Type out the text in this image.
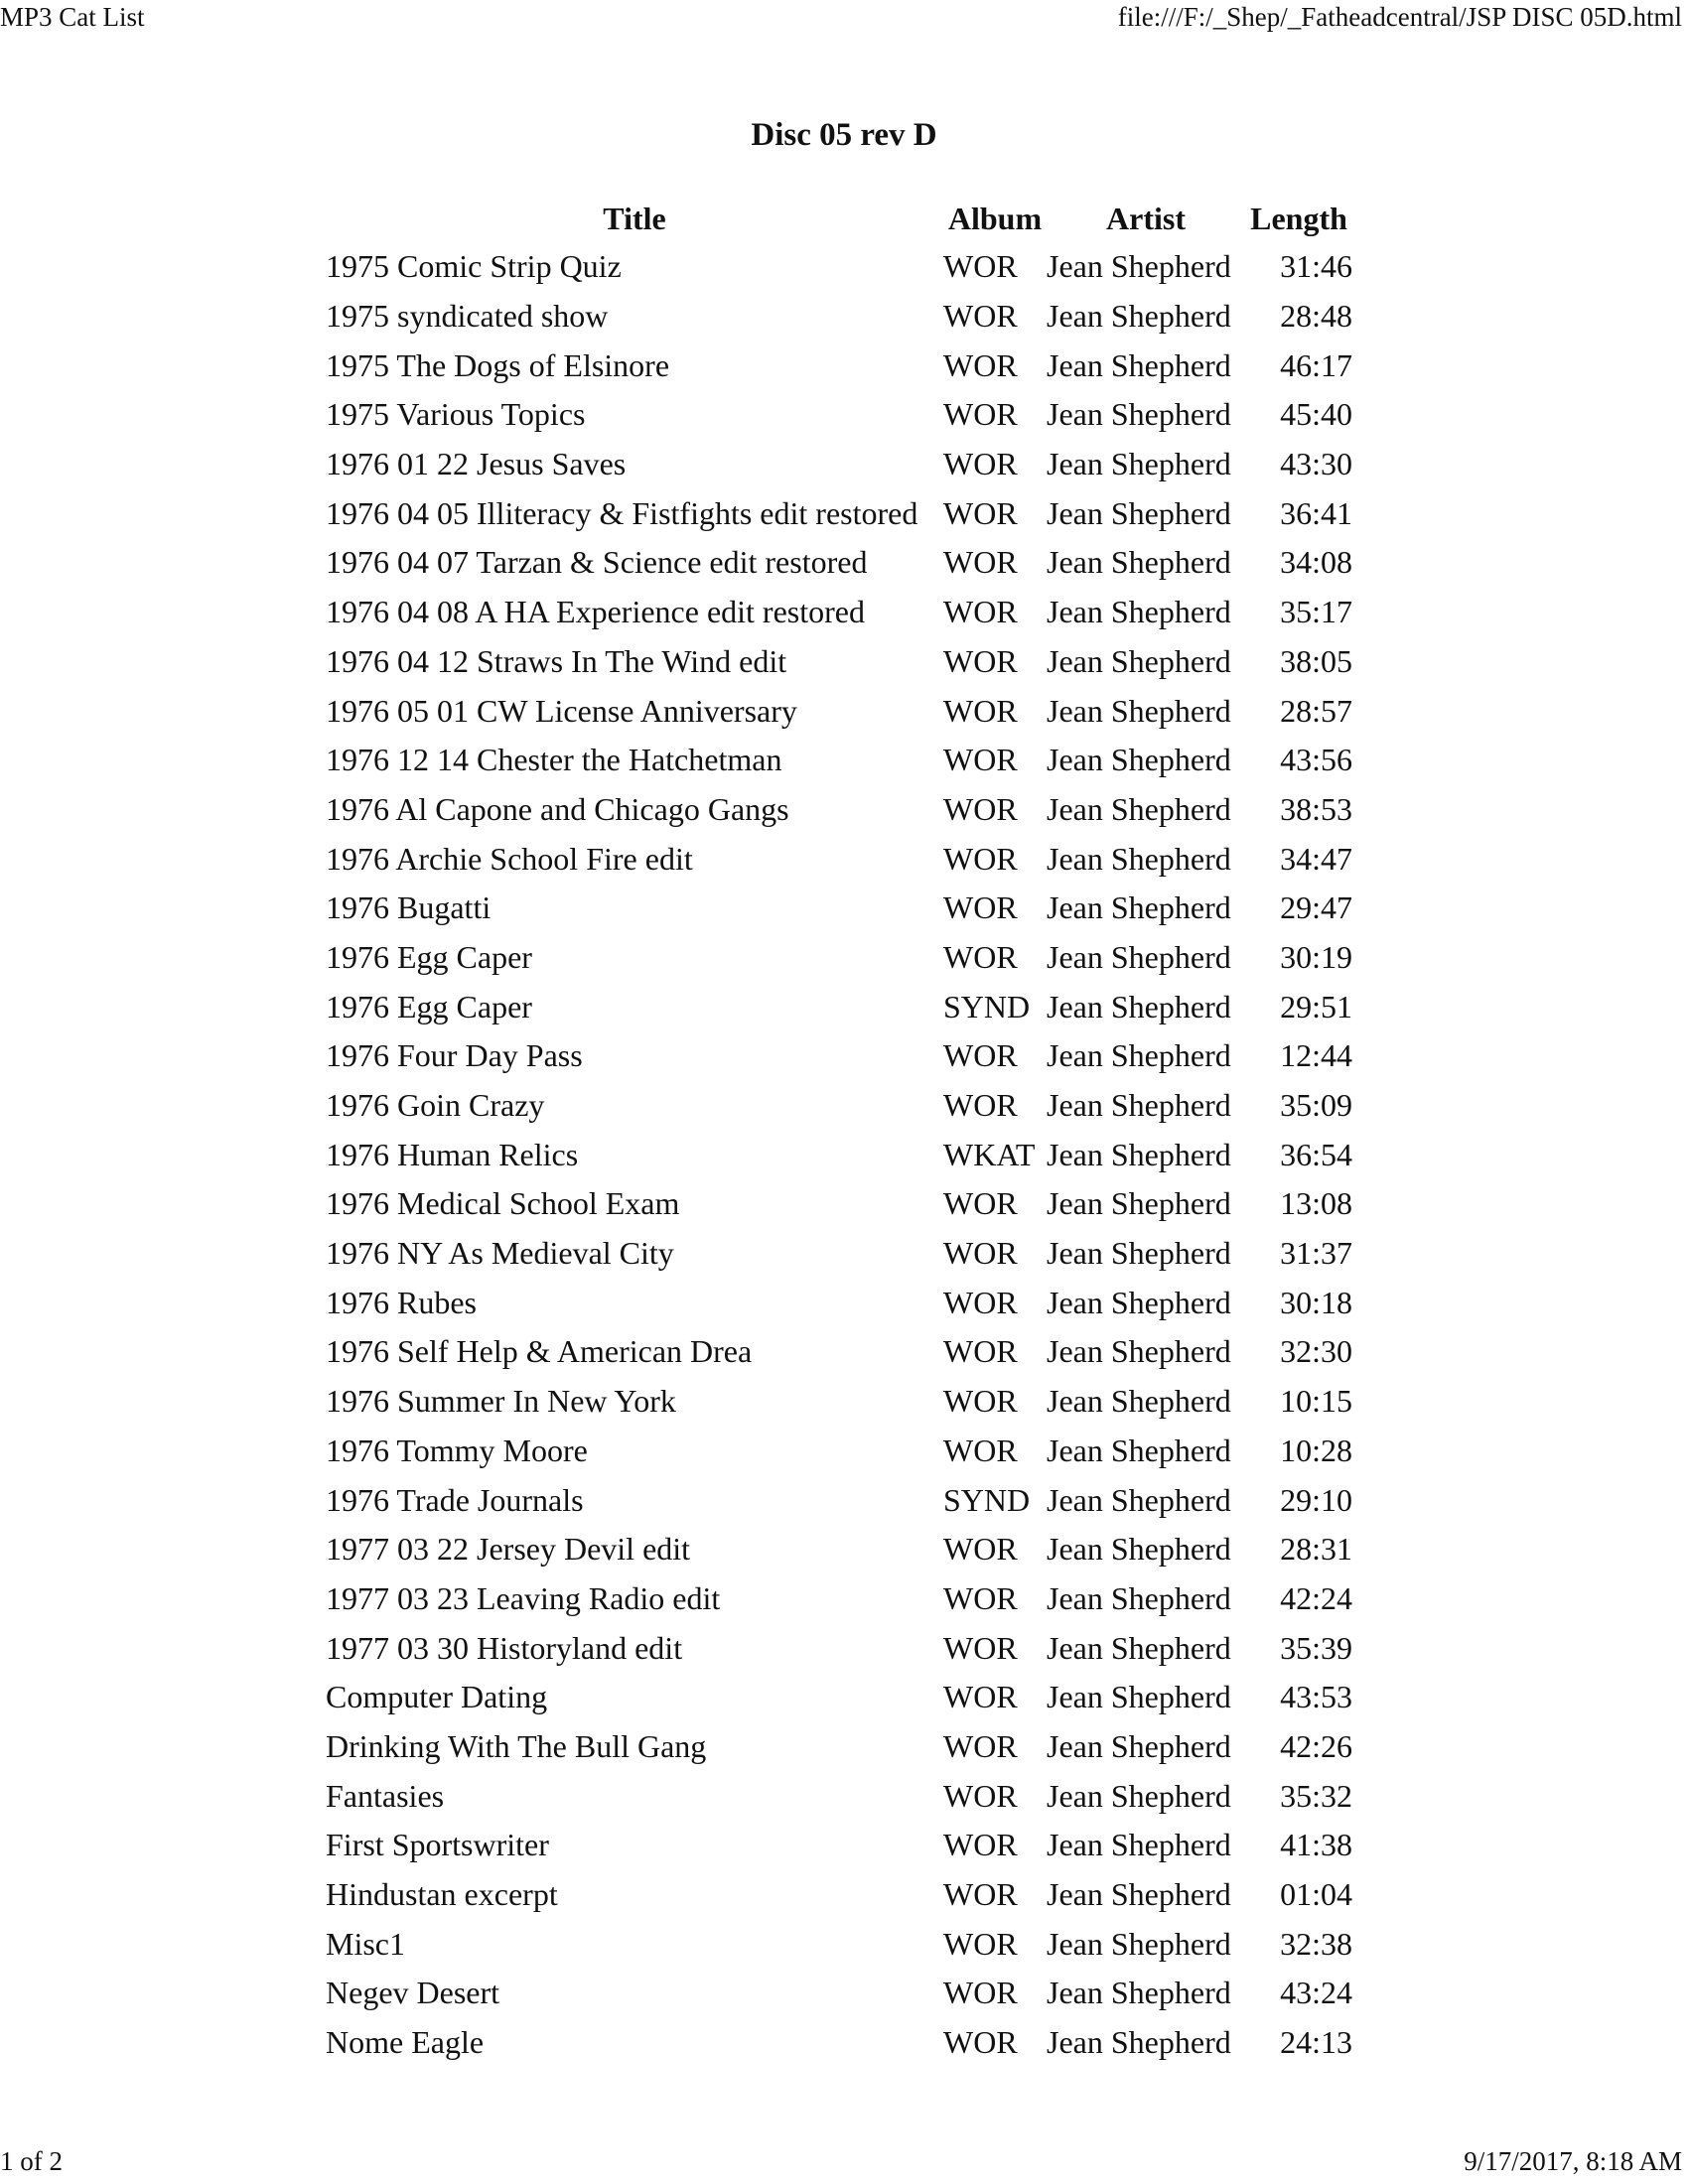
MP3 Cat List	file:///F:/_Shep/_Fatheadcentral/JSP DISC 05D.html
Disc 05 rev D
Title	Album	Artist	Length
1975 Comic Strip Quiz	WOR	Jean Shepherd	31:46
1975 syndicated show	WOR	Jean Shepherd	28:48
1975 The Dogs of Elsinore	WOR	Jean Shepherd	46:17
1975 Various Topics	WOR	Jean Shepherd	45:40
1976 01 22 Jesus Saves	WOR	Jean Shepherd	43:30
1976 04 05 Illiteracy & Fistfights edit restored	WOR	Jean Shepherd	36:41
1976 04 07 Tarzan & Science edit restored	WOR	Jean Shepherd	34:08
1976 04 08 A HA Experience edit restored	WOR	Jean Shepherd	35:17
1976 04 12 Straws In The Wind edit	WOR	Jean Shepherd	38:05
1976 05 01 CW License Anniversary	WOR	Jean Shepherd	28:57
1976 12 14 Chester the Hatchetman	WOR	Jean Shepherd	43:56
1976 Al Capone and Chicago Gangs	WOR	Jean Shepherd	38:53
1976 Archie School Fire edit	WOR	Jean Shepherd	34:47
1976 Bugatti	WOR	Jean Shepherd	29:47
1976 Egg Caper	WOR	Jean Shepherd	30:19
1976 Egg Caper	SYND	Jean Shepherd	29:51
1976 Four Day Pass	WOR	Jean Shepherd	12:44
1976 Goin Crazy	WOR	Jean Shepherd	35:09
1976 Human Relics	WKAT	Jean Shepherd	36:54
1976 Medical School Exam	WOR	Jean Shepherd	13:08
1976 NY As Medieval City	WOR	Jean Shepherd	31:37
1976 Rubes	WOR	Jean Shepherd	30:18
1976 Self Help & American Drea	WOR	Jean Shepherd	32:30
1976 Summer In New York	WOR	Jean Shepherd	10:15
1976 Tommy Moore	WOR	Jean Shepherd	10:28
1976 Trade Journals	SYND	Jean Shepherd	29:10
1977 03 22 Jersey Devil edit	WOR	Jean Shepherd	28:31
1977 03 23 Leaving Radio edit	WOR	Jean Shepherd	42:24
1977 03 30 Historyland edit	WOR	Jean Shepherd	35:39
Computer Dating	WOR	Jean Shepherd	43:53
Drinking With The Bull Gang	WOR	Jean Shepherd	42:26
Fantasies	WOR	Jean Shepherd	35:32
First Sportswriter	WOR	Jean Shepherd	41:38
Hindustan excerpt	WOR	Jean Shepherd	01:04
Misc1	WOR	Jean Shepherd	32:38
Negev Desert	WOR	Jean Shepherd	43:24
Nome Eagle	WOR	Jean Shepherd	24:13
1 of 2	9/17/2017, 8:18 AM
